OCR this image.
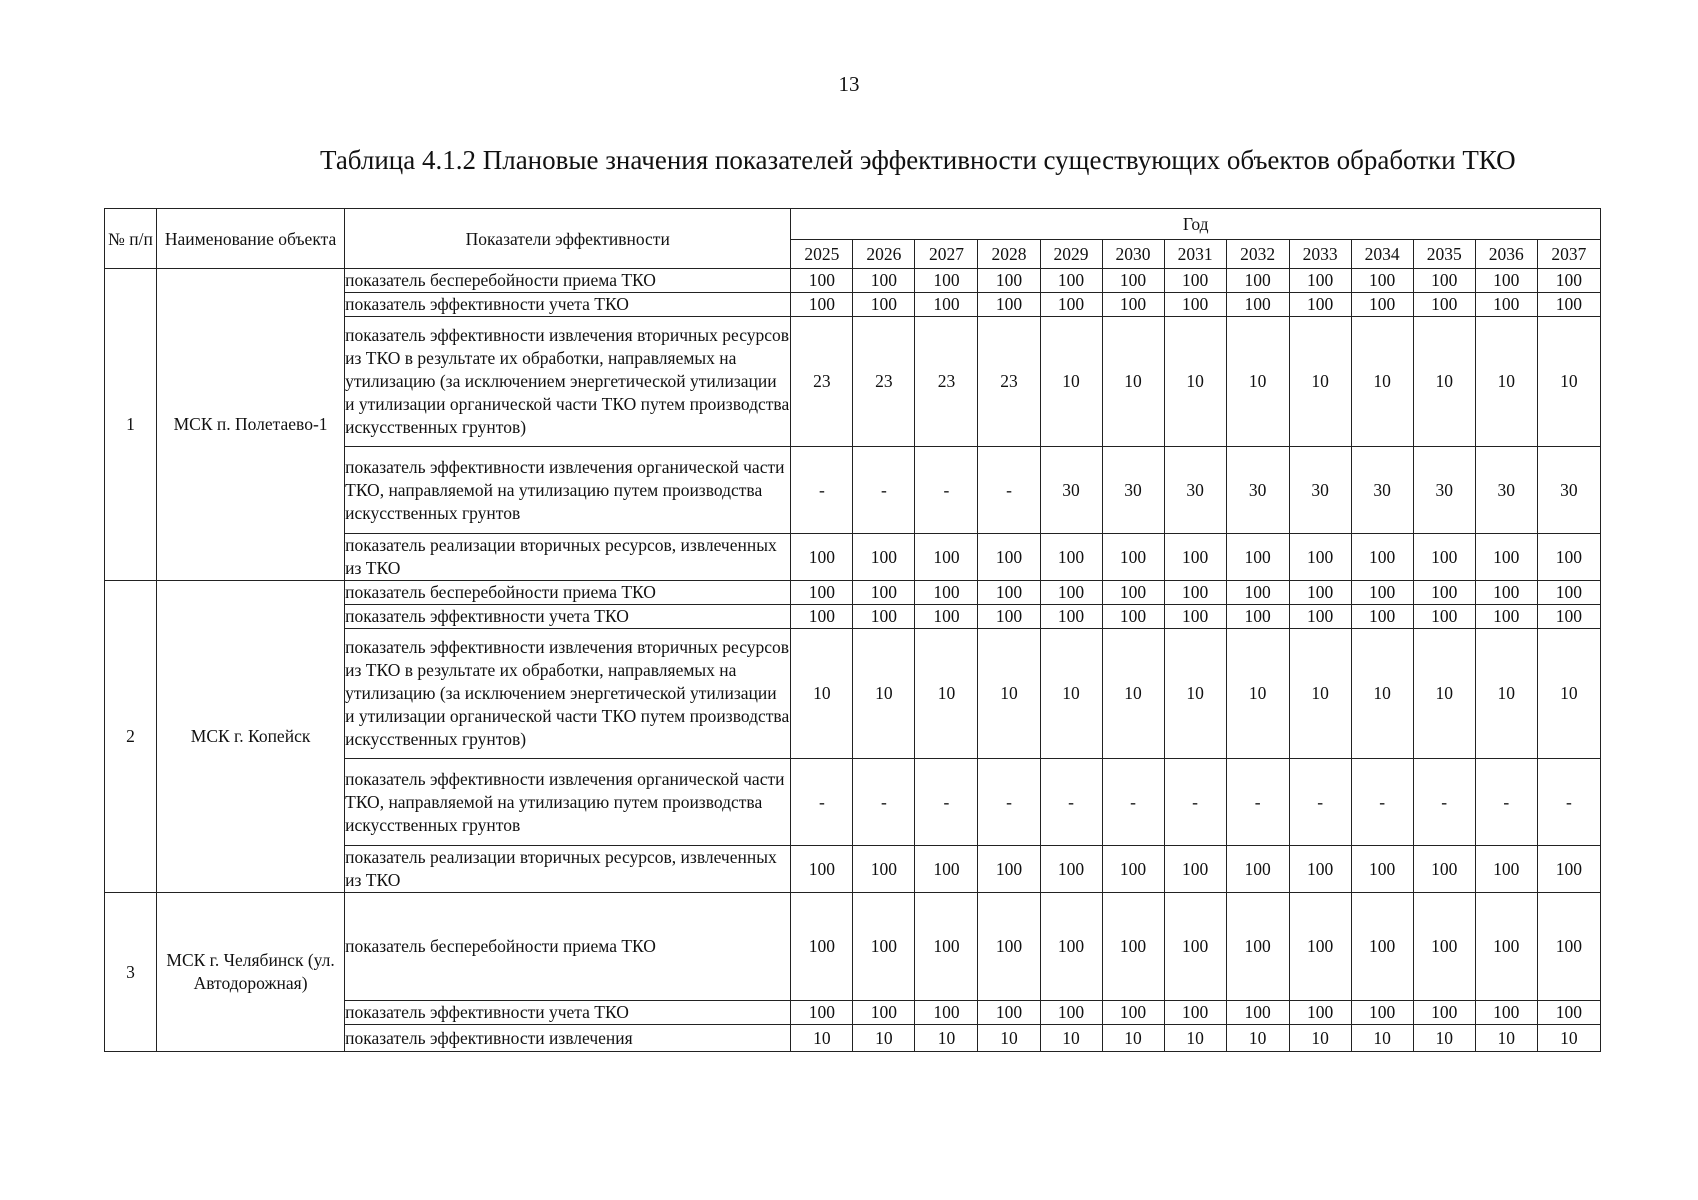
13
Таблица 4.1.2 Плановые значения показателей эффективности существующих объектов обработки ТКО
№ п/п	Наименование объекта	Показатели эффективности	Год												
			2025	2026	2027	2028	2029	2030	2031	2032	2033	2034	2035	2036	2037
1	МСК п. Полетаево-1	показатель бесперебойности приема ТКО	100	100	100	100	100	100	100	100	100	100	100	100	100
		показатель эффективности учета ТКО	100	100	100	100	100	100	100	100	100	100	100	100	100
		показатель эффективности извлечения вторичных ресурсов из ТКО в результате их обработки, направляемых на утилизацию (за исключением энергетической утилизации и утилизации органической части ТКО путем производства искусственных грунтов)	23	23	23	23	10	10	10	10	10	10	10	10	10
		показатель эффективности извлечения органической части ТКО, направляемой на утилизацию путем производства искусственных грунтов	-	-	-	-	30	30	30	30	30	30	30	30	30
		показатель реализации вторичных ресурсов, извлеченных из ТКО	100	100	100	100	100	100	100	100	100	100	100	100	100
2	МСК г. Копейск	показатель бесперебойности приема ТКО	100	100	100	100	100	100	100	100	100	100	100	100	100
		показатель эффективности учета ТКО	100	100	100	100	100	100	100	100	100	100	100	100	100
		показатель эффективности извлечения вторичных ресурсов из ТКО в результате их обработки, направляемых на утилизацию (за исключением энергетической утилизации и утилизации органической части ТКО путем производства искусственных грунтов)	10	10	10	10	10	10	10	10	10	10	10	10	10
		показатель эффективности извлечения органической части ТКО, направляемой на утилизацию путем производства искусственных грунтов	-	-	-	-	-	-	-	-	-	-	-	-	-
		показатель реализации вторичных ресурсов, извлеченных из ТКО	100	100	100	100	100	100	100	100	100	100	100	100	100
3	МСК г. Челябинск (ул. Автодорожная)	показатель бесперебойности приема ТКО	100	100	100	100	100	100	100	100	100	100	100	100	100
		показатель эффективности учета ТКО	100	100	100	100	100	100	100	100	100	100	100	100	100
		показатель эффективности извлечения	10	10	10	10	10	10	10	10	10	10	10	10	10
